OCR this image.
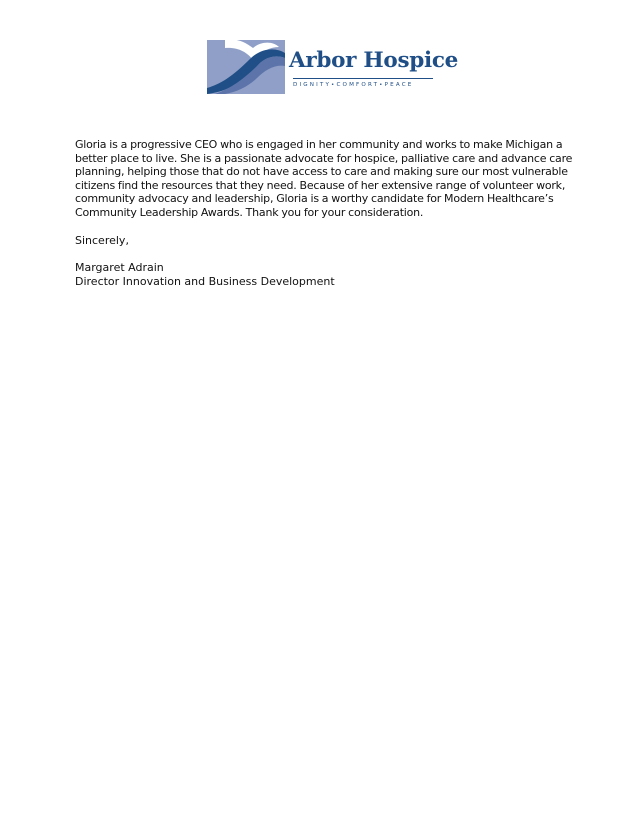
Arbor Hospice
DIGNITY•COMFORT•PEACE

Gloria is a progressive CEO who is engaged in her community and works to make Michigan a better place to live. She is a passionate advocate for hospice, palliative care and advance care planning, helping those that do not have access to care and making sure our most vulnerable citizens find the resources that they need. Because of her extensive range of volunteer work, community advocacy and leadership, Gloria is a worthy candidate for Modern Healthcare’s Community Leadership Awards. Thank you for your consideration.

Sincerely,

Margaret Adrain
Director Innovation and Business Development
